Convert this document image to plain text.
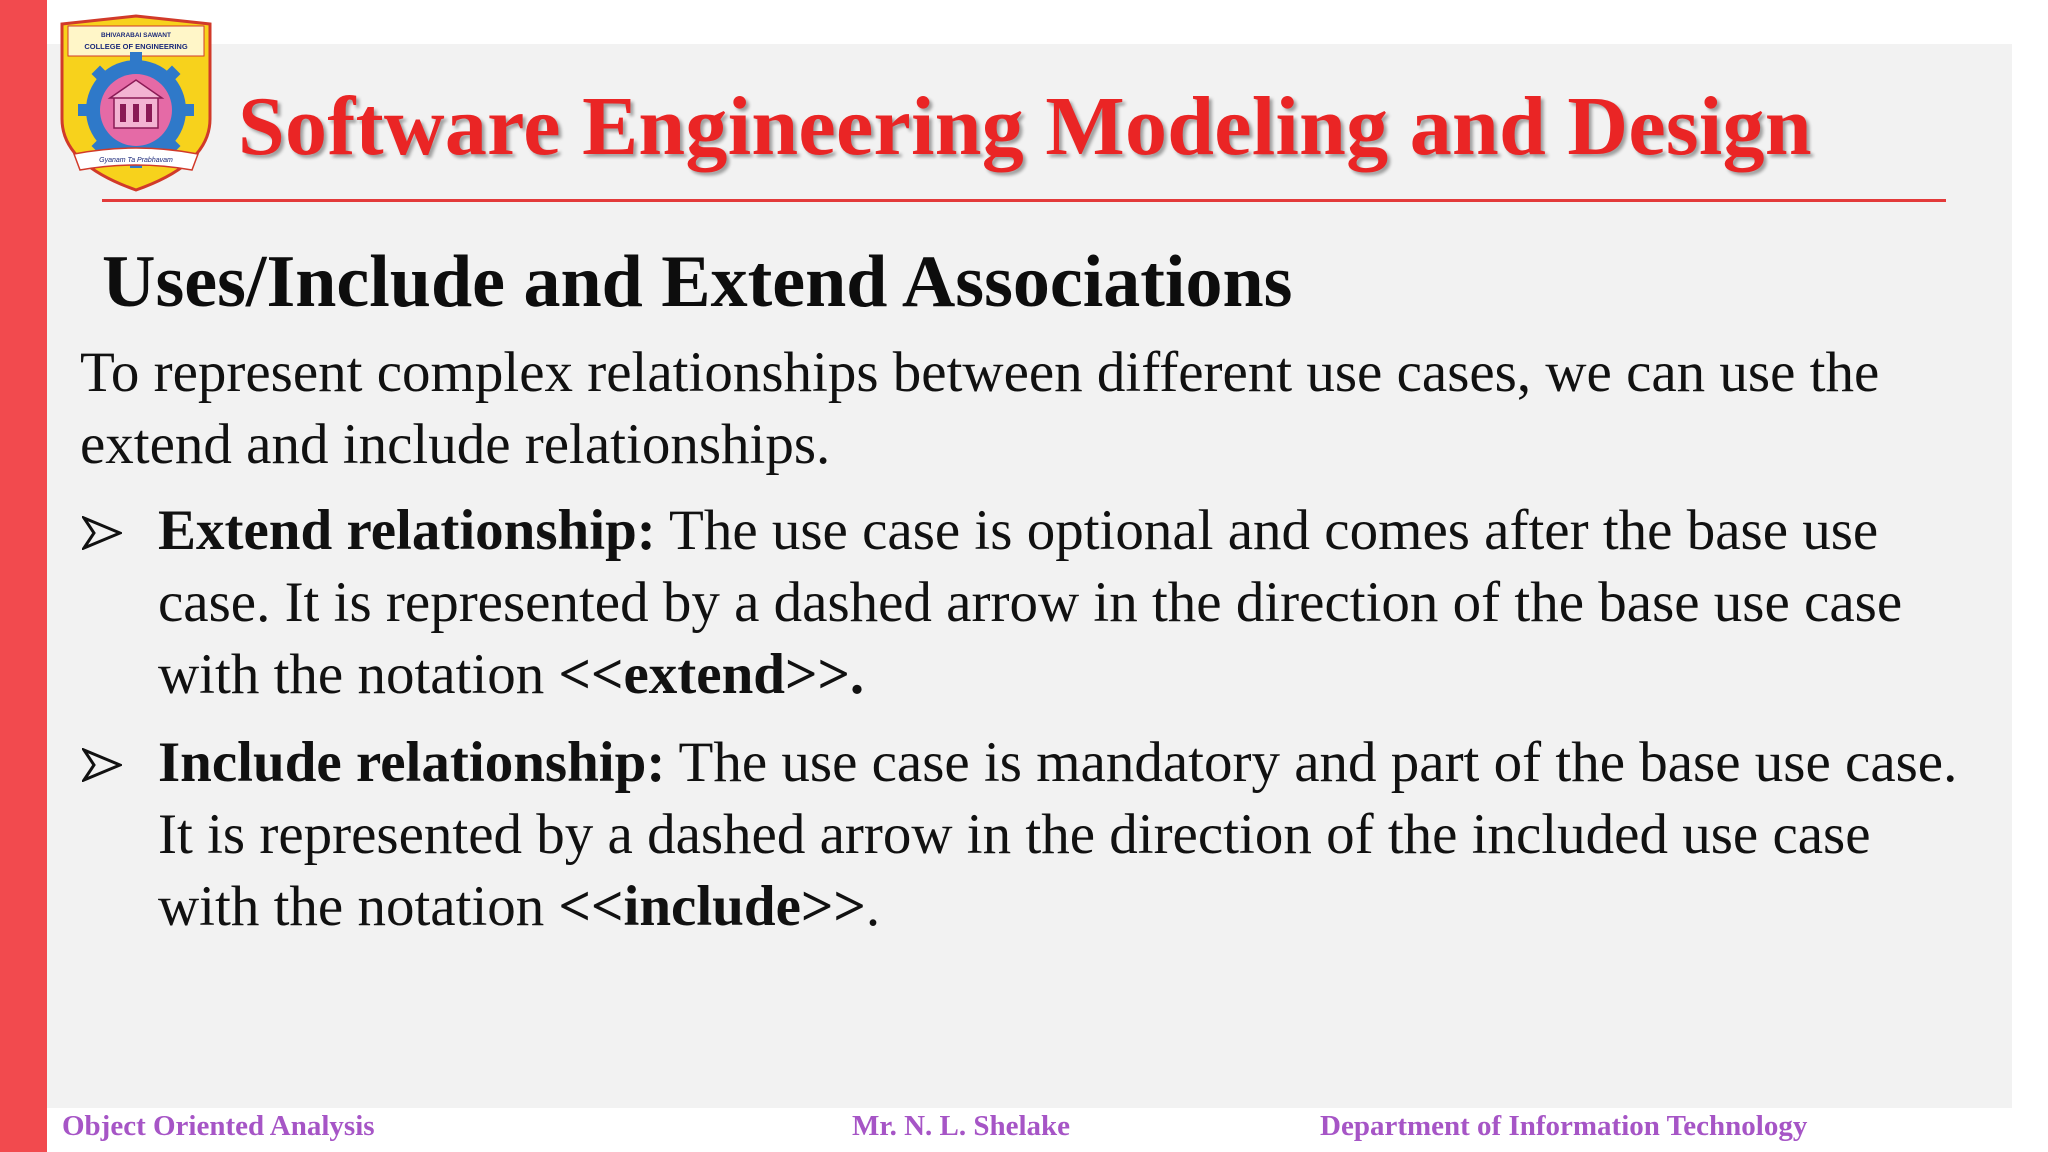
BHIVARABAI SAWANT
COLLEGE OF ENGINEERING
Gyanam Ta Prabhavam Software Engineering Modeling and Design
Uses/Include and Extend Associations

To represent complex relationships between different use cases, we can use the extend and include relationships.

Extend relationship: The use case is optional and comes after the base use case. It is represented by a dashed arrow in the direction of the base use case with the notation <<extend>>.
Include relationship: The use case is mandatory and part of the base use case. It is represented by a dashed arrow in the direction of the included use case with the notation <<include>>.
Object Oriented Analysis	Mr. N. L. Shelake	Department of Information Technology
